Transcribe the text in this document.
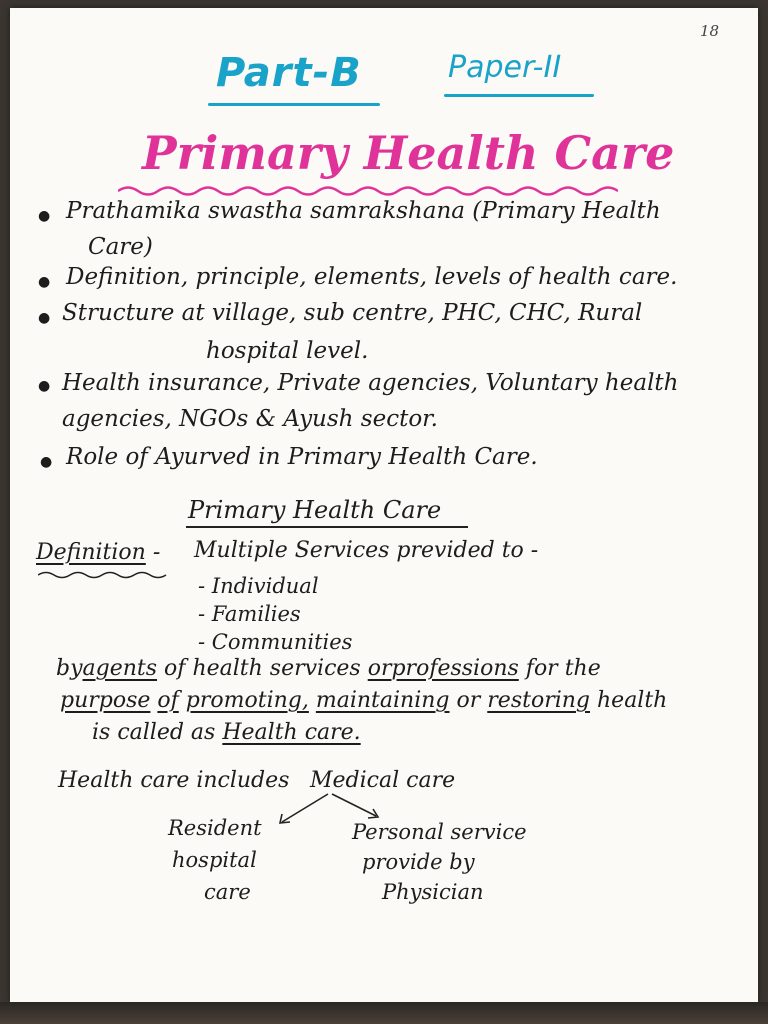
18
Part-B	Paper-II
Primary Health Care
● Prathamika swastha samrakshana (Primary Health
Care)
● Definition, principle, elements, levels of health care.
● Structure at village, sub centre, PHC, CHC, Rural
hospital level.
● Health insurance, Private agencies, Voluntary health
agencies, NGOs & Ayush sector.
● Role of Ayurved in Primary Health Care.
Primary Health Care
Definition - Multiple Services previded to -
- Individual
- Families
- Communities
byagents of health services orprofessions for the
purpose of promoting, maintaining or restoring health
is called as Health care.
Health care includes Medical care
Resident
hospital
care
Personal service
provide by
Physician
